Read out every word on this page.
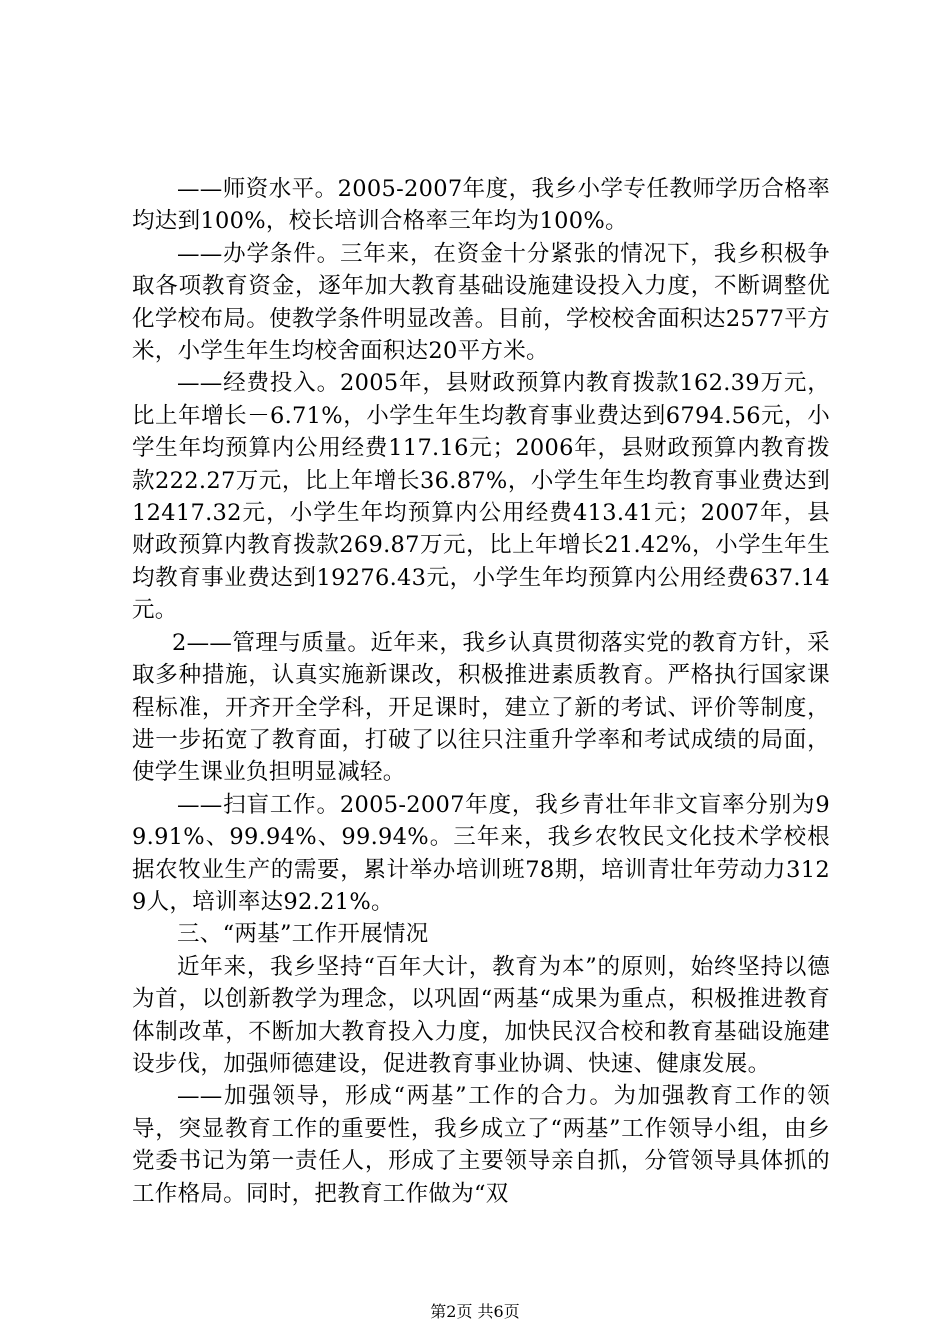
——师资水平。2005-2007年度，我乡小学专任教师学历合格率均达到100%，校长培训合格率三年均为100%。

——办学条件。三年来，在资金十分紧张的情况下，我乡积极争取各项教育资金，逐年加大教育基础设施建设投入力度，不断调整优化学校布局。使教学条件明显改善。目前，学校校舍面积达2577平方米，小学生年生均校舍面积达20平方米。

——经费投入。2005年，县财政预算内教育拨款162.39万元，比上年增长－6.71%，小学生年生均教育事业费达到6794.56元，小学生年均预算内公用经费117.16元；2006年，县财政预算内教育拨款222.27万元，比上年增长36.87%，小学生年生均教育事业费达到12417.32元，小学生年均预算内公用经费413.41元；2007年，县财政预算内教育拨款269.87万元，比上年增长21.42%，小学生年生均教育事业费达到19276.43元，小学生年均预算内公用经费637.14元。

2——管理与质量。近年来，我乡认真贯彻落实党的教育方针，采取多种措施，认真实施新课改，积极推进素质教育。严格执行国家课程标准，开齐开全学科，开足课时，建立了新的考试、评价等制度，进一步拓宽了教育面，打破了以往只注重升学率和考试成绩的局面，使学生课业负担明显减轻。

——扫盲工作。2005-2007年度，我乡青壮年非文盲率分别为99.91%、99.94%、99.94%。三年来，我乡农牧民文化技术学校根据农牧业生产的需要，累计举办培训班78期，培训青壮年劳动力3129人，培训率达92.21%。

三、“两基”工作开展情况

近年来，我乡坚持“百年大计，教育为本”的原则，始终坚持以德为首，以创新教学为理念，以巩固“两基“成果为重点，积极推进教育体制改革，不断加大教育投入力度，加快民汉合校和教育基础设施建设步伐，加强师德建设，促进教育事业协调、快速、健康发展。

——加强领导，形成“两基”工作的合力。为加强教育工作的领导，突显教育工作的重要性，我乡成立了“两基”工作领导小组，由乡党委书记为第一责任人，形成了主要领导亲自抓，分管领导具体抓的工作格局。同时，把教育工作做为“双

第2页 共6页
